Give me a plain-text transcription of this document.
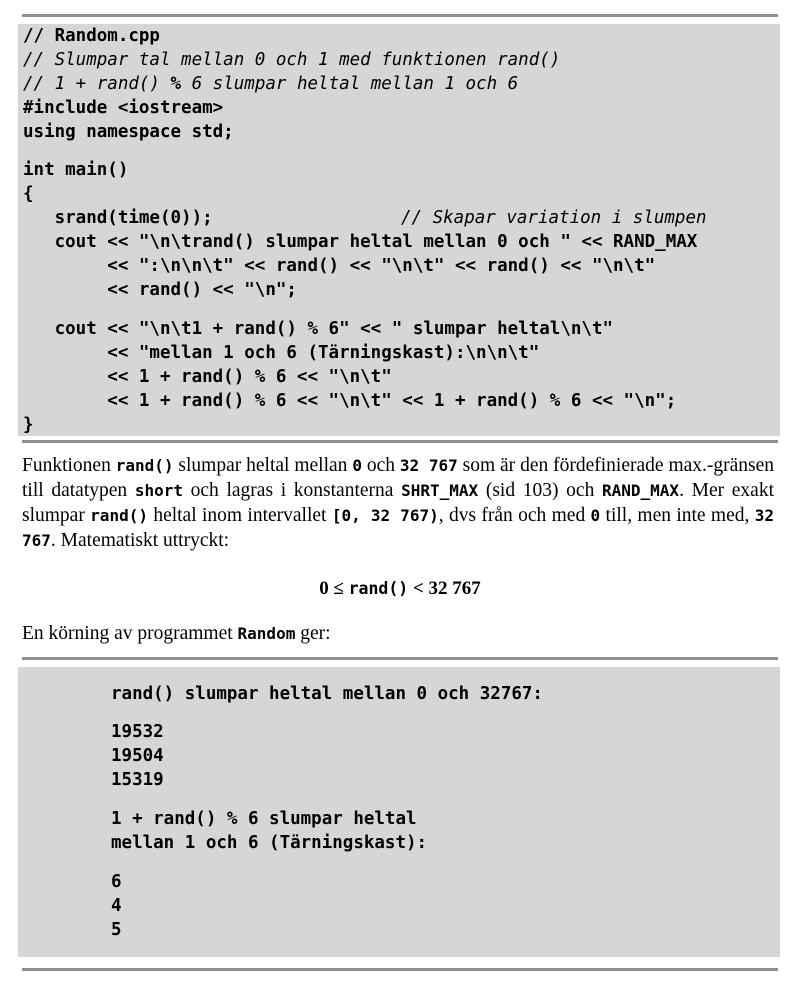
// Random.cpp

// Slumpar tal mellan 0 och 1 med funktionen rand()

// 1 + rand() % 6 slumpar heltal mellan 1 och 6

#include <iostream>

using namespace std;

int main()

{

srand(time(0));

	// Skapar variation i slumpen

cout << "\n\trand() slumpar heltal mellan 0 och " << RAND_MAX

<< ":\n\n\t" << rand() << "\n\t" << rand() << "\n\t"

<< rand() << "\n";

cout << "\n\t1 + rand() % 6" << " slumpar heltal\n\t"

<< "mellan 1 och 6 (Tärningskast):\n\n\t"

<< 1 + rand() % 6 << "\n\t"

<< 1 + rand() % 6 << "\n\t" << 1 + rand() % 6 << "\n";

}

Funktionen rand() slumpar heltal mellan 0 och 32 767 som är den fördefinierade max.-gränsen till datatypen short och lagras i konstanterna SHRT_MAX (sid 103) och RAND_MAX. Mer exakt slumpar rand() heltal inom intervallet [0, 32 767), dvs från och med 0 till, men inte med, 32 767. Matematiskt uttryckt:
0 ≤ rand() < 32 767
En körning av programmet Random ger:

rand() slumpar heltal mellan 0 och 32767:

19532

19504

15319

1 + rand() % 6 slumpar heltal

mellan 1 och 6 (Tärningskast):

6

4

5
